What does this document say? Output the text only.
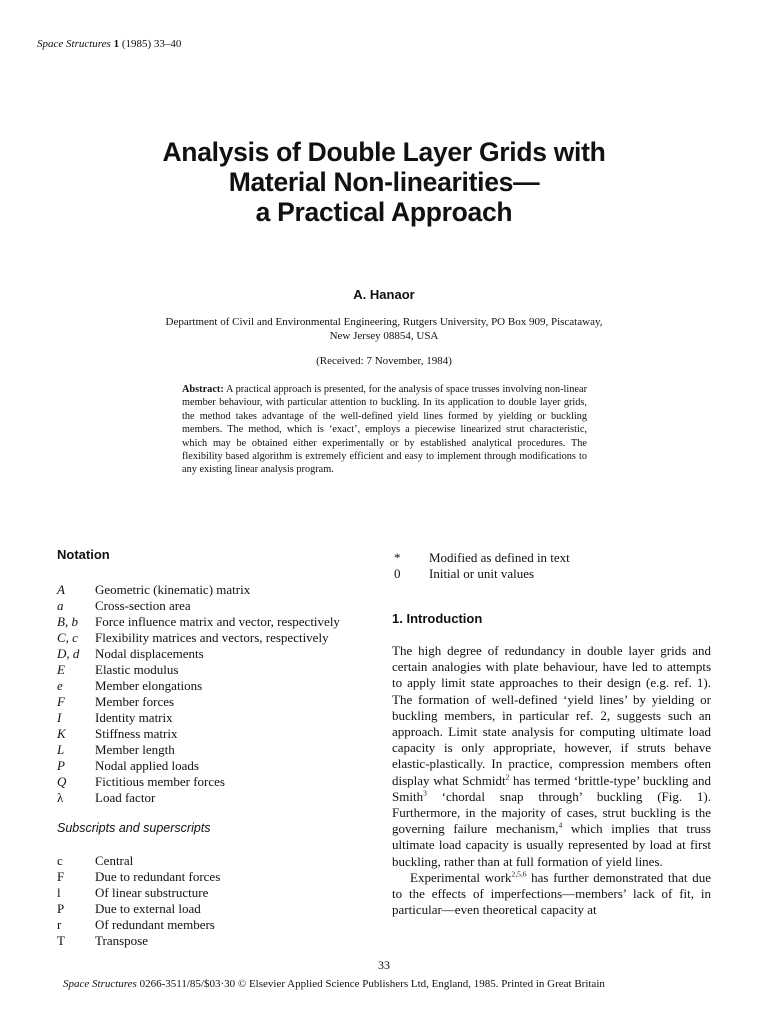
Space Structures 1 (1985) 33–40
Analysis of Double Layer Grids with
Material Non-linearities—
a Practical Approach
A. Hanaor
Department of Civil and Environmental Engineering, Rutgers University, PO Box 909, Piscataway,
New Jersey 08854, USA
(Received: 7 November, 1984)
Abstract: A practical approach is presented, for the analysis of space trusses involving non-linear member behaviour, with particular attention to buckling. In its application to double layer grids, the method takes advantage of the well-defined yield lines formed by yielding or buckling members. The method, which is ‘exact’, employs a piecewise linearized strut characteristic, which may be obtained either experimentally or by established analytical procedures. The flexibility based algorithm is extremely efficient and easy to implement through modifications to any existing linear analysis program.
Notation
A	Geometric (kinematic) matrix
a	Cross-section area
B, b	Force influence matrix and vector, respectively
C, c	Flexibility matrices and vectors, respectively
D, d	Nodal displacements
E	Elastic modulus
e	Member elongations
F	Member forces
I	Identity matrix
K	Stiffness matrix
L	Member length
P	Nodal applied loads
Q	Fictitious member forces
λ	Load factor
Subscripts and superscripts
c	Central
F	Due to redundant forces
l	Of linear substructure
P	Due to external load
r	Of redundant members
T	Transpose
*	Modified as defined in text
0	Initial or unit values
1. Introduction

The high degree of redundancy in double layer grids and certain analogies with plate behaviour, have led to attempts to apply limit state approaches to their design (e.g. ref. 1). The formation of well-defined ‘yield lines’ by yielding or buckling members, in particular ref. 2, suggests such an approach. Limit state analysis for computing ultimate load capacity is only appropriate, however, if struts behave elastic-plastically. In practice, compression members often display what Schmidt$^2$ has termed ‘brittle-type’ buckling and Smith$^3$ ‘chordal snap through’ buckling (Fig. 1). Furthermore, in the majority of cases, strut buckling is the governing failure mechanism,$^4$ which implies that truss ultimate load capacity is usually represented by load at first buckling, rather than at full formation of yield lines.

Experimental work$^{2,5,6}$ has further demonstrated that due to the effects of imperfections—members’ lack of fit, in particular—even theoretical capacity at

33
Space Structures 0266-3511/85/$03·30 © Elsevier Applied Science Publishers Ltd, England, 1985. Printed in Great Britain
